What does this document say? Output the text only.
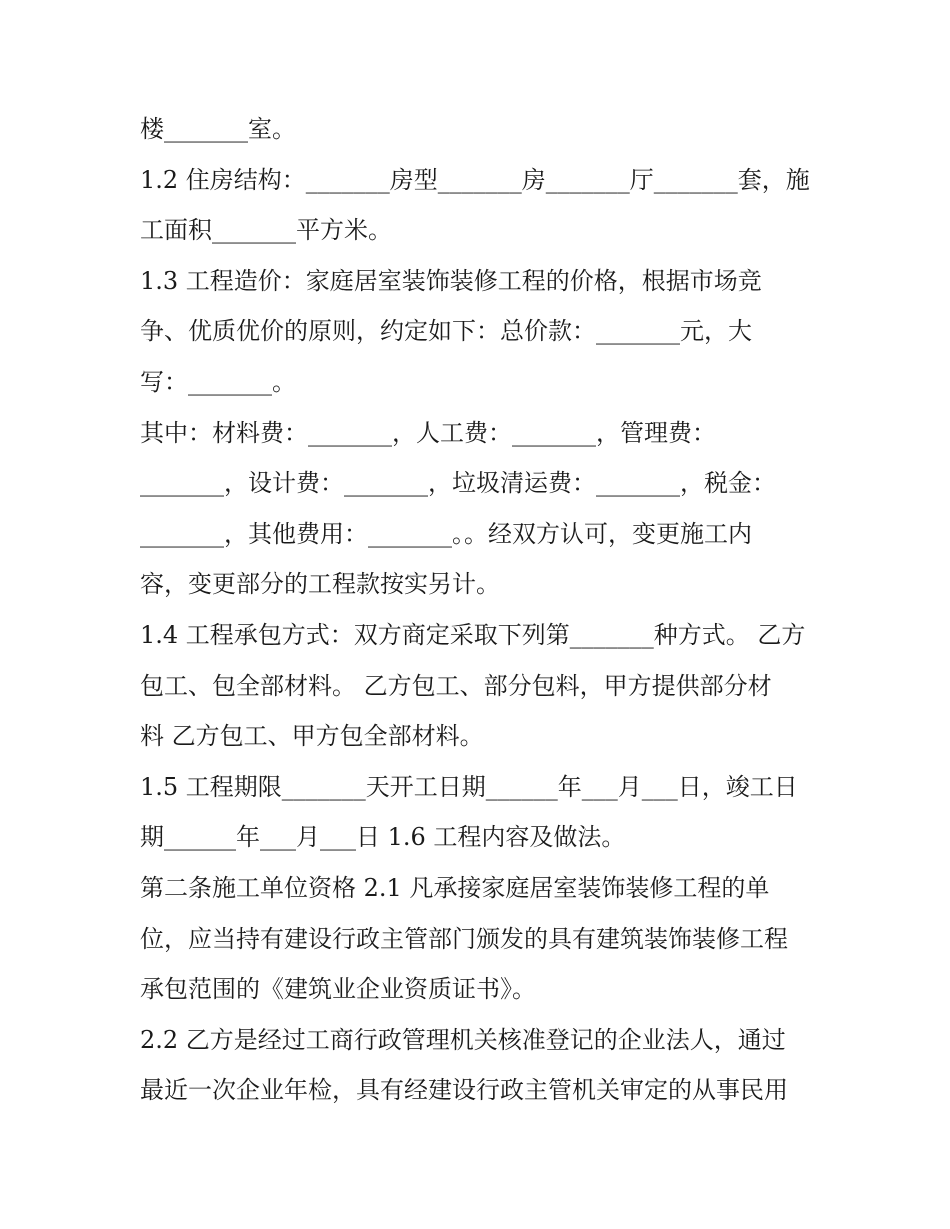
楼_______室。
1.2 住房结构：_______房型_______房_______厅_______套，施
工面积_______平方米。
1.3 工程造价：家庭居室装饰装修工程的价格，根据市场竞
争、优质优价的原则，约定如下：总价款：_______元，大
写：_______。
其中：材料费：_______，人工费：_______，管理费：
_______，设计费：_______，垃圾清运费：_______，税金：
_______，其他费用：_______。。经双方认可，变更施工内
容，变更部分的工程款按实另计。
1.4 工程承包方式：双方商定采取下列第_______种方式。 乙方
包工、包全部材料。 乙方包工、部分包料，甲方提供部分材
料 乙方包工、甲方包全部材料。
1.5 工程期限_______天开工日期______年___月___日，竣工日
期______年___月___日 1.6 工程内容及做法。
第二条施工单位资格 2.1 凡承接家庭居室装饰装修工程的单
位，应当持有建设行政主管部门颁发的具有建筑装饰装修工程
承包范围的《建筑业企业资质证书》。
2.2 乙方是经过工商行政管理机关核准登记的企业法人，通过
最近一次企业年检，具有经建设行政主管机关审定的从事民用
